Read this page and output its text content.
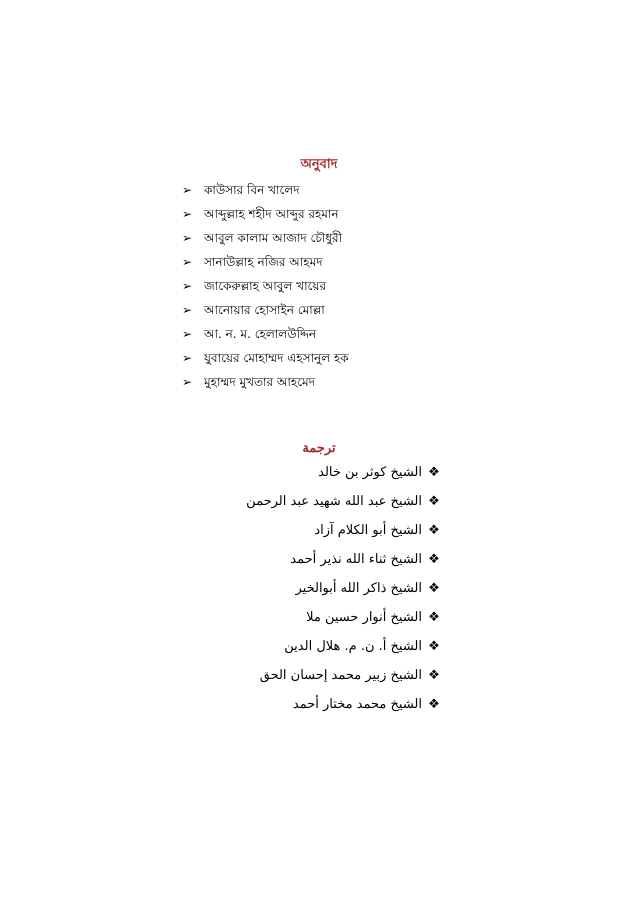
অনুবাদ
➢ কাউসার বিন খালেদ
➢ আব্দুল্লাহ শহীদ আব্দুর রহমান
➢ আবুল কালাম আজাদ চৌধুরী
➢ সানাউল্লাহ নজির আহমদ
➢ জাকেরুল্লাহ আবুল খায়ের
➢ আনোয়ার হোসাইন মোল্লা
➢ আ. ন. ম. হেলালউদ্দিন
➢ যুবায়ের মোহাম্মদ এহসানুল হক
➢ মুহাম্মদ মুখতার আহমেদ
ترجمة
❖
الشيخ كوثر بن خالد
❖
الشيخ عبد الله شهيد عبد الرحمن
❖
الشيخ أبو الكلام آزاد
❖
الشيخ ثناء الله نذير أحمد
❖
الشيخ ذاكر الله أبوالخير
❖
الشيخ أنوار حسين ملا
❖
الشيخ أ. ن. م. هلال الدين
❖
الشيخ زبير محمد إحسان الحق
❖
الشيخ محمد مختار أحمد
